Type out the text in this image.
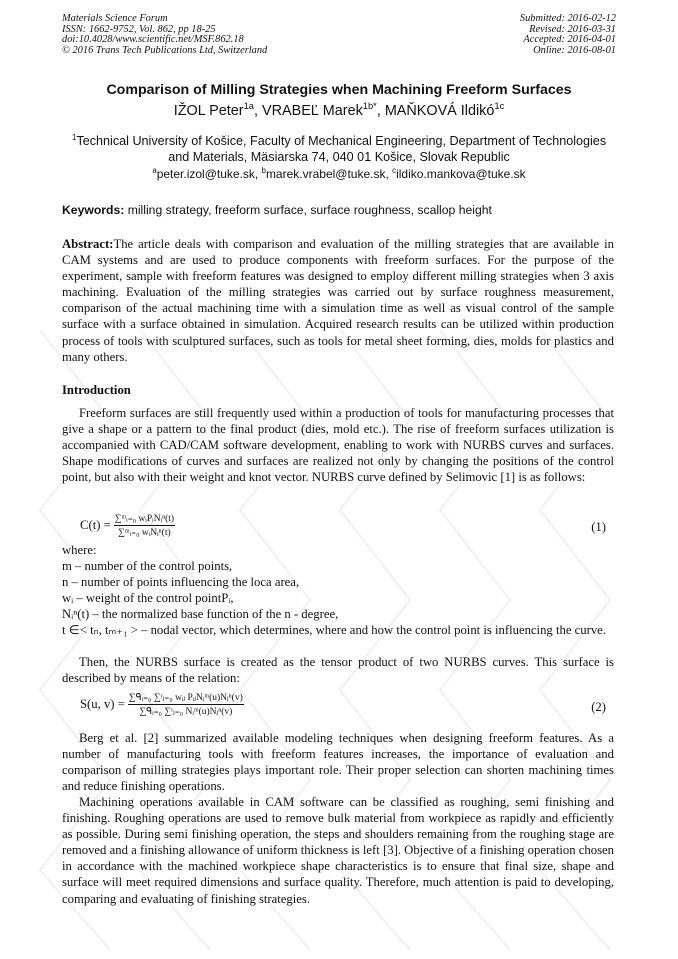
Materials Science Forum
ISSN: 1662-9752, Vol. 862, pp 18-25
doi:10.4028/www.scientific.net/MSF.862.18
© 2016 Trans Tech Publications Ltd, Switzerland
Submitted: 2016-02-12
Revised: 2016-03-31
Accepted: 2016-04-01
Online: 2016-08-01
Comparison of Milling Strategies when Machining Freeform Surfaces
IŽOL Peter$^{1a}$, VRABEĽ Marek$^{1b*}$, MAŇKOVÁ Ildikó$^{1c}$
$^1$Technical University of Košice, Faculty of Mechanical Engineering, Department of Technologies
and Materials, Mäsiarska 74, 040 01 Košice, Slovak Republic
$^a$peter.izol@tuke.sk, $^b$marek.vrabel@tuke.sk, $^c$ildiko.mankova@tuke.sk
Keywords: milling strategy, freeform surface, surface roughness, scallop height
Abstract:The article deals with comparison and evaluation of the milling strategies that are available in CAM systems and are used to produce components with freeform surfaces. For the purpose of the experiment, sample with freeform features was designed to employ different milling strategies when 3 axis machining. Evaluation of the milling strategies was carried out by surface roughness measurement, comparison of the actual machining time with a simulation time as well as visual control of the sample surface with a surface obtained in simulation. Acquired research results can be utilized within production process of tools with sculptured surfaces, such as tools for metal sheet forming, dies, molds for plastics and many others.
Introduction
Freeform surfaces are still frequently used within a production of tools for manufacturing processes that give a shape or a pattern to the final product (dies, mold etc.). The rise of freeform surfaces utilization is accompanied with CAD/CAM software development, enabling to work with NURBS curves and surfaces. Shape modifications of curves and surfaces are realized not only by changing the positions of the control point, but also with their weight and knot vector. NURBS curve defined by Selimovic [1] is as follows:
$C(t) = \frac{\text{∑ᵐᵢ₌₀ wᵢPᵢNᵢⁿ(t)}}{\text{∑ᵐᵢ₌₀ wᵢNᵢⁿ(t)}}$	(1)
where:
m – number of the control points,
n – number of points influencing the loca area,
wᵢ – weight of the control pointPᵢ,
Nᵢⁿ(t) – the normalized base function of the n - degree,
t ∈< tₙ, tₘ₊₁ > – nodal vector, which determines, where and how the control point is influencing the curve.
Then, the NURBS surface is created as the tensor product of two NURBS curves. This surface is described by means of the relation:
S(u, $v) = \frac{\text{∑ᑫᵢ₌₀ ∑ʳⱼ₌₀ wᵢⱼ PᵢⱼNᵢᵐ(u)Nⱼⁿ(v)}}{\text{∑ᑫᵢ₌₀ ∑ʳⱼ₌₀ Nᵢᵐ(u)Nⱼⁿ(v)}}$	(2)
Berg et al. [2] summarized available modeling techniques when designing freeform features. As a number of manufacturing tools with freeform features increases, the importance of evaluation and comparison of milling strategies plays important role. Their proper selection can shorten machining times and reduce finishing operations.
Machining operations available in CAM software can be classified as roughing, semi finishing and finishing. Roughing operations are used to remove bulk material from workpiece as rapidly and efficiently as possible. During semi finishing operation, the steps and shoulders remaining from the roughing stage are removed and a finishing allowance of uniform thickness is left [3]. Objective of a finishing operation chosen in accordance with the machined workpiece shape characteristics is to ensure that final size, shape and surface will meet required dimensions and surface quality. Therefore, much attention is paid to developing, comparing and evaluating of finishing strategies.
